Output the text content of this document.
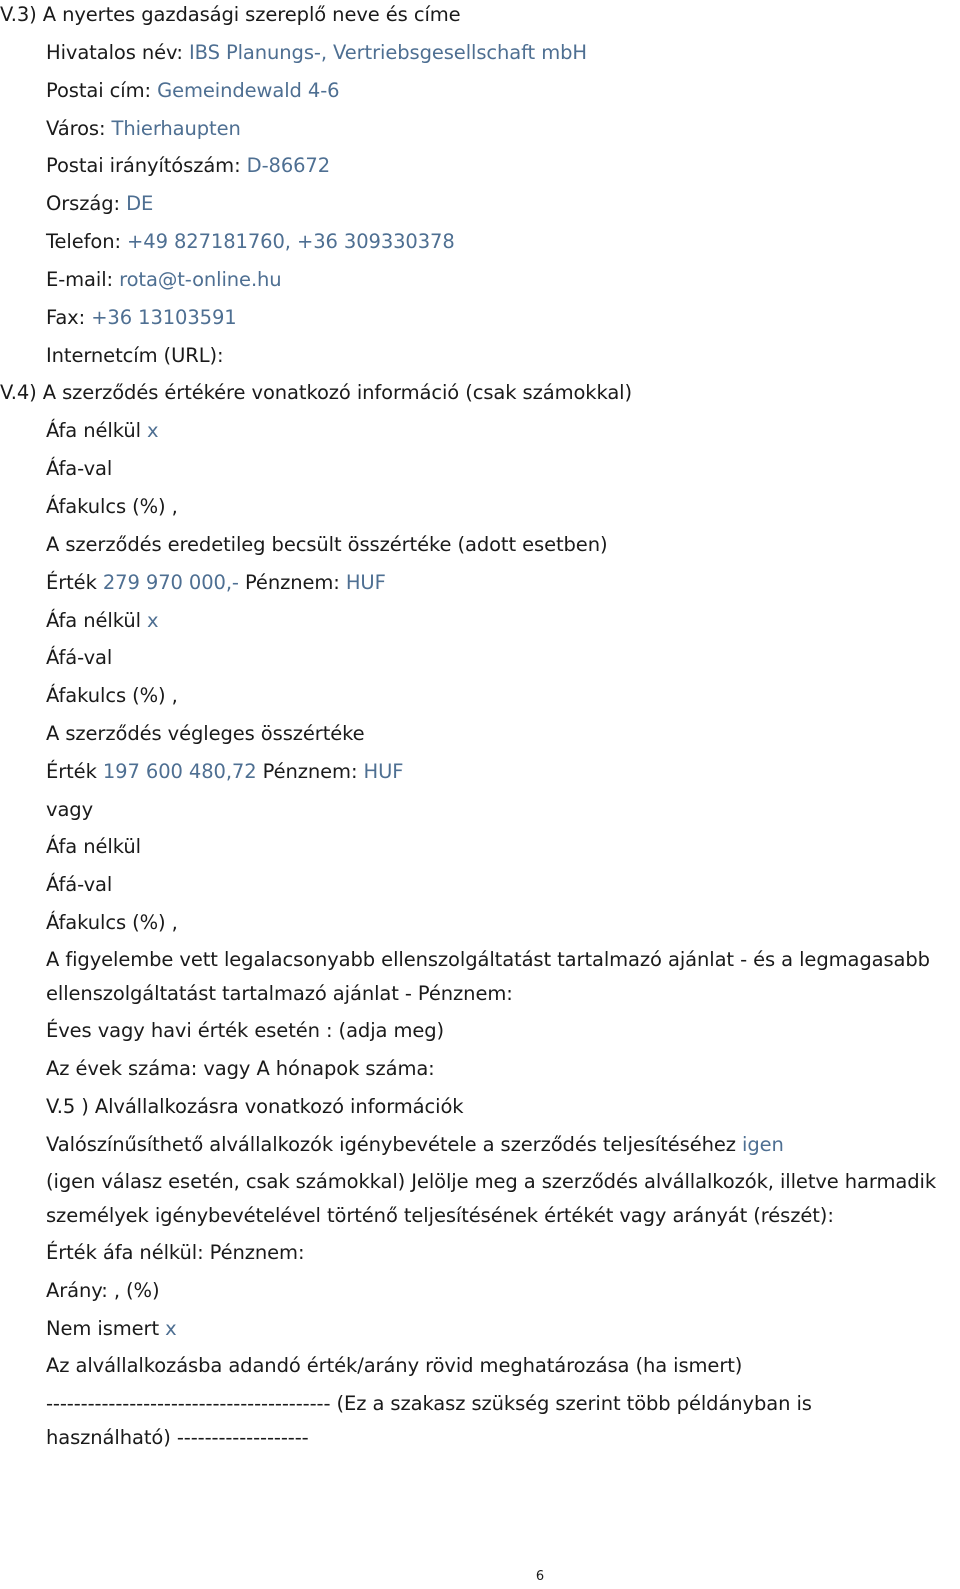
V.3) A nyertes gazdasági szereplő neve és címe
Hivatalos név: IBS Planungs-, Vertriebsgesellschaft mbH
Postai cím: Gemeindewald 4-6
Város: Thierhaupten
Postai irányítószám: D-86672
Ország: DE
Telefon: +49 827181760, +36 309330378
E-mail: rota@t-online.hu
Fax: +36 13103591
Internetcím (URL):
V.4) A szerződés értékére vonatkozó információ (csak számokkal)
Áfa nélkül x
Áfa-val
Áfakulcs (%) ,
A szerződés eredetileg becsült összértéke (adott esetben)
Érték 279 970 000,- Pénznem: HUF
Áfa nélkül x
Áfá-val
Áfakulcs (%) ,
A szerződés végleges összértéke
Érték 197 600 480,72 Pénznem: HUF
vagy
Áfa nélkül
Áfá-val
Áfakulcs (%) ,
A figyelembe vett legalacsonyabb ellenszolgáltatást tartalmazó ajánlat - és a legmagasabb
ellenszolgáltatást tartalmazó ajánlat - Pénznem:
Éves vagy havi érték esetén : (adja meg)
Az évek száma: vagy A hónapok száma:
V.5 ) Alvállalkozásra vonatkozó információk
Valószínűsíthető alvállalkozók igénybevétele a szerződés teljesítéséhez igen
(igen válasz esetén, csak számokkal) Jelölje meg a szerződés alvállalkozók, illetve harmadik
személyek igénybevételével történő teljesítésének értékét vagy arányát (részét):
Érték áfa nélkül: Pénznem:
Arány: , (%)
Nem ismert x
Az alvállalkozásba adandó érték/arány rövid meghatározása (ha ismert)
----------------------------------------- (Ez a szakasz szükség szerint több példányban is
használható) -------------------
6
